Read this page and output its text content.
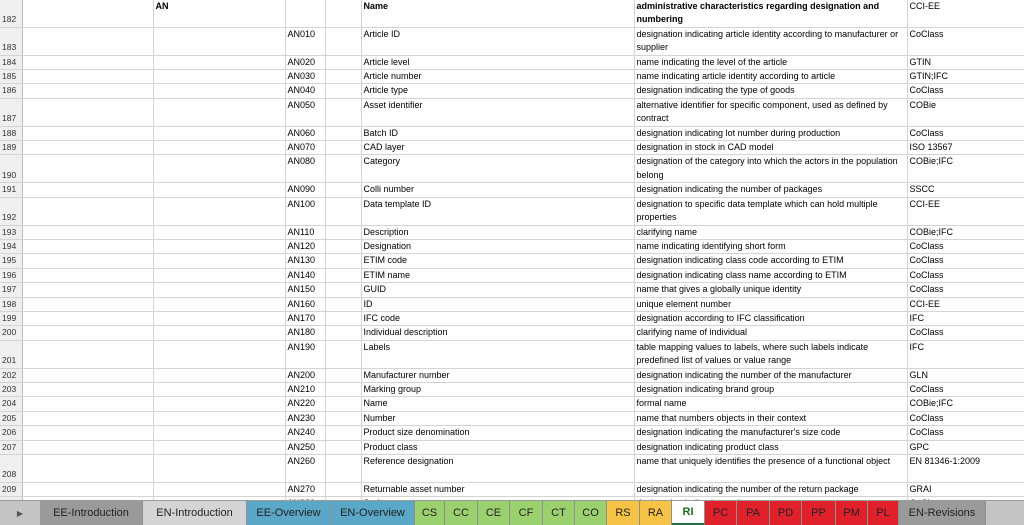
182		AN			Name	administrative characteristics regarding designation and numbering	CCI-EE
183			AN010		Article ID	designation indicating article identity according to manufacturer or supplier	CoClass
184			AN020		Article level	name indicating the level of the article	GTIN
185			AN030		Article number	name indicating article identity according to article	GTIN;IFC
186			AN040		Article type	designation indicating the type of goods	CoClass
187			AN050		Asset identifier	alternative identifier for specific component, used as defined by contract	COBie
188			AN060		Batch ID	designation indicating lot number during production	CoClass
189			AN070		CAD layer	designation in stock in CAD model	ISO 13567
190			AN080		Category	designation of the category into which the actors in the population belong	COBie;IFC
191			AN090		Colli number	designation indicating the number of packages	SSCC
192			AN100		Data template ID	designation to specific data template which can hold multiple properties	CCI-EE
193			AN110		Description	clarifying name	COBie;IFC
194			AN120		Designation	name indicating identifying short form	CoClass
195			AN130		ETIM code	designation indicating class code according to ETIM	CoClass
196			AN140		ETIM name	designation indicating class name according to ETIM	CoClass
197			AN150		GUID	name that gives a globally unique identity	CoClass
198			AN160		ID	unique element number	CCI-EE
199			AN170		IFC code	designation according to IFC classification	IFC
200			AN180		Individual description	clarifying name of individual	CoClass
201			AN190		Labels	table mapping values to labels, where such labels indicate predefined list of values or value range	IFC
202			AN200		Manufacturer number	designation indicating the number of the manufacturer	GLN
203			AN210		Marking group	designation indicating brand group	CoClass
204			AN220		Name	formal name	COBie;IFC
205			AN230		Number	name that numbers objects in their context	CoClass
206			AN240		Product size denomination	designation indicating the manufacturer's size code	CoClass
207			AN250		Product class	designation indicating product class	GPC
208			AN260		Reference designation	name that uniquely identifies the presence of a functional object	EN 81346-1:2009
209			AN270		Returnable asset number	designation indicating the number of the return package	GRAI

▶	EE-Introduction	EN-Introduction	EE-Overview	EN-Overview	CS	CC	CE	CF	CT	CO	RS	RA	RI	PC	PA	PD	PP	PM	PL	EN-Revisions
